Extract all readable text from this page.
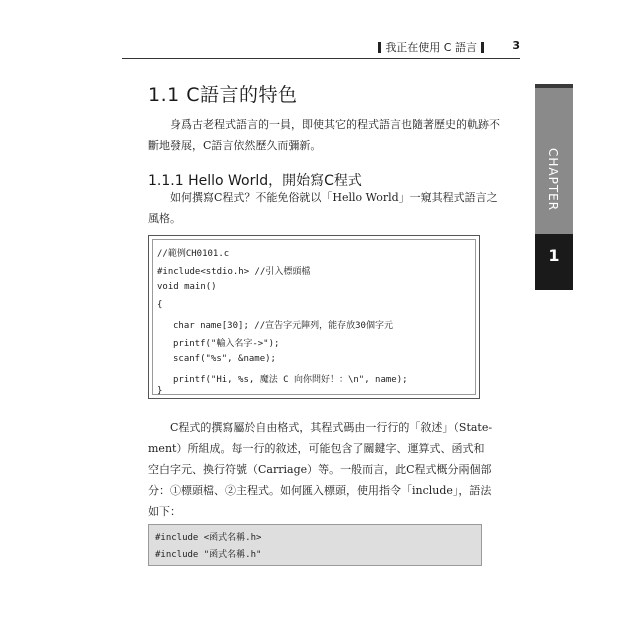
我正在使用 C 語言	3
CHAPTER
1
1.1 C語言的特色

身爲古老程式語言的一員，即使其它的程式語言也隨著歷史的軌跡不

斷地發展，C語言依然歷久而彌新。

1.1.1 Hello World，開始寫C程式

如何撰寫C程式？不能免俗就以「Hello World」一窺其程式語言之

風格。

//範例CH0101.c
#include<stdio.h> //引入標頭檔
void main()
{
char name[30]; //宣告字元陣列，能存放30個字元
printf("輸入名字->");
scanf("%s", &name);
printf("Hi, %s, 魔法 C 向你問好！：\n", name);
}

C程式的撰寫屬於自由格式，其程式碼由一行行的「敘述」（State-

ment）所組成。每一行的敘述，可能包含了關鍵字、運算式、函式和

空白字元、換行符號（Carriage）等。一般而言，此C程式概分兩個部

分：①標頭檔、②主程式。如何匯入標頭，使用指令「include」，語法

如下：

#include <函式名稱.h>
#include "函式名稱.h"
